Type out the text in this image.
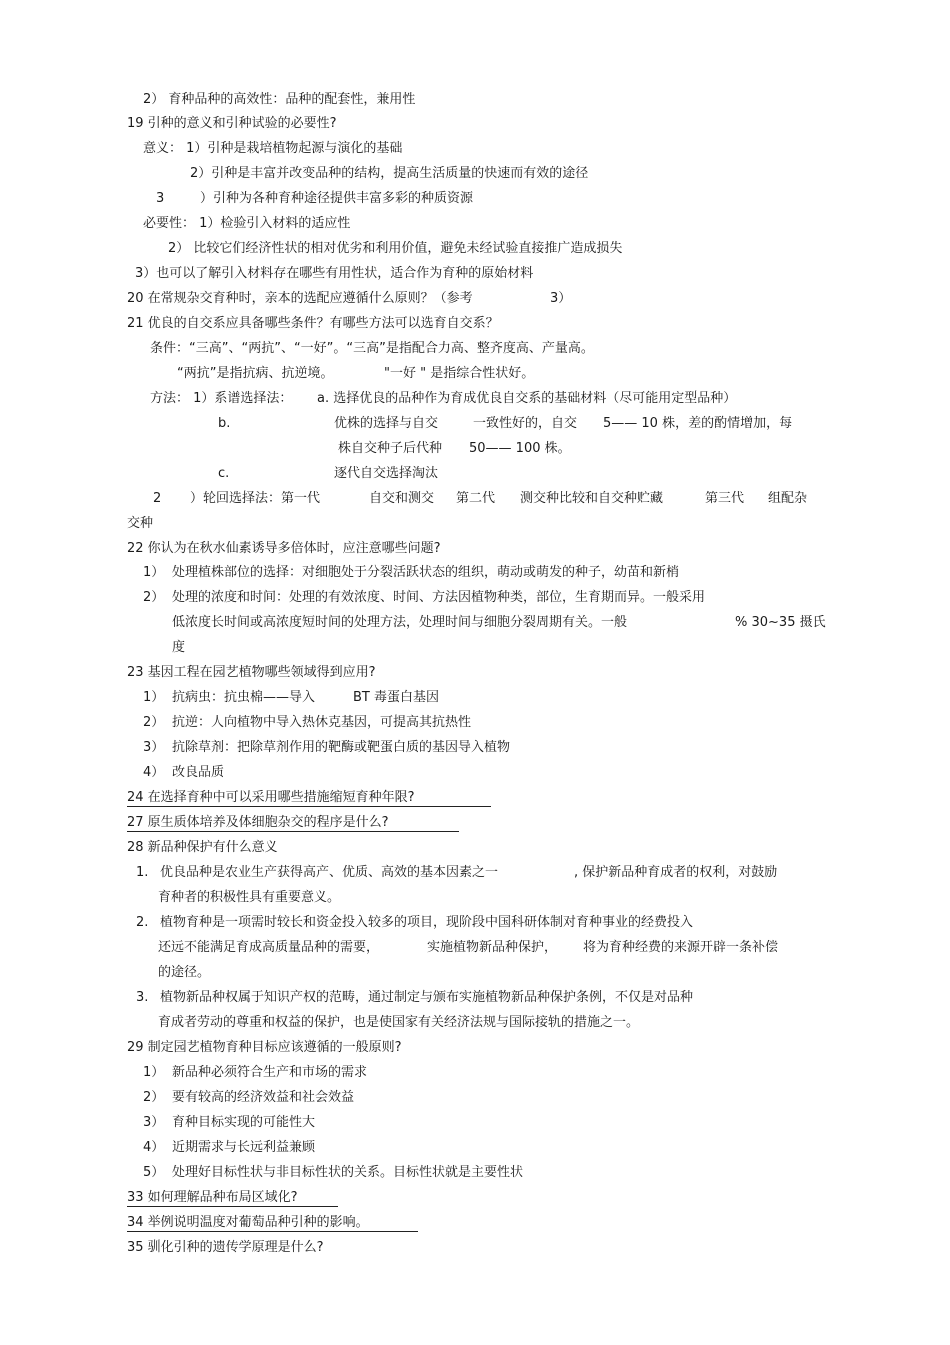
2） 育种品种的高效性：品种的配套性，兼用性
19 引种的意义和引种试验的必要性?
意义： 1）引种是栽培植物起源与演化的基础
2）引种是丰富并改变品种的结构，提高生活质量的快速而有效的途径
3	）引种为各种育种途径提供丰富多彩的种质资源
必要性： 1）检验引入材料的适应性
2） 比较它们经济性状的相对优劣和利用价值，避免未经试验直接推广造成损失
3）也可以了解引入材料存在哪些有用性状，适合作为育种的原始材料
20 在常规杂交育种时，亲本的选配应遵循什么原则？（参考	3）
21 优良的自交系应具备哪些条件？有哪些方法可以选育自交系？
条件：“三高”、“两抗”、“一好”。“三高”是指配合力高、整齐度高、产量高。
“两抗”是指抗病、抗逆境。	"一好 " 是指综合性状好。
方法： 1）系谱选择法： a. 选择优良的品种作为育成优良自交系的基础材料（尽可能用定型品种）
b.	优株的选择与自交	一致性好的，自交 5—— 10 株，差的酌情增加，每
株自交种子后代种 50—— 100 株。
c.	逐代自交选择淘汰
2 ）轮回选择法：第一代	自交和测交 第二代 测交种比较和自交种贮藏	第三代 组配杂
交种
22 你认为在秋水仙素诱导多倍体时，应注意哪些问题?
1） 处理植株部位的选择：对细胞处于分裂活跃状态的组织，萌动或萌发的种子，幼苗和新梢
2） 处理的浓度和时间：处理的有效浓度、时间、方法因植物种类，部位，生育期而异。一般采用
低浓度长时间或高浓度短时间的处理方法，处理时间与细胞分裂周期有关。一般	% 30~35 摄氏
度
23 基因工程在园艺植物哪些领域得到应用?
1） 抗病虫：抗虫棉——导入	BT 毒蛋白基因
2） 抗逆：人向植物中导入热休克基因，可提高其抗热性
3） 抗除草剂：把除草剂作用的靶酶或靶蛋白质的基因导入植物
4） 改良品质
24 在选择育种中可以采用哪些措施缩短育种年限?
27 原生质体培养及体细胞杂交的程序是什么?
28 新品种保护有什么意义
1. 优良品种是农业生产获得高产、优质、高效的基本因素之一	, 保护新品种育成者的权利，对鼓励
育种者的积极性具有重要意义。
2. 植物育种是一项需时较长和资金投入较多的项目，现阶段中国科研体制对育种事业的经费投入
还远不能满足育成高质量品种的需要，	实施植物新品种保护， 将为育种经费的来源开辟一条补偿
的途径。
3. 植物新品种权属于知识产权的范畴，通过制定与颁布实施植物新品种保护条例，不仅是对品种
育成者劳动的尊重和权益的保护，也是使国家有关经济法规与国际接轨的措施之一。
29 制定园艺植物育种目标应该遵循的一般原则?
1） 新品种必须符合生产和市场的需求
2） 要有较高的经济效益和社会效益
3） 育种目标实现的可能性大
4） 近期需求与长远利益兼顾
5） 处理好目标性状与非目标性状的关系。目标性状就是主要性状
33 如何理解品种布局区域化?
34 举例说明温度对葡萄品种引种的影响。
35 驯化引种的遗传学原理是什么?
